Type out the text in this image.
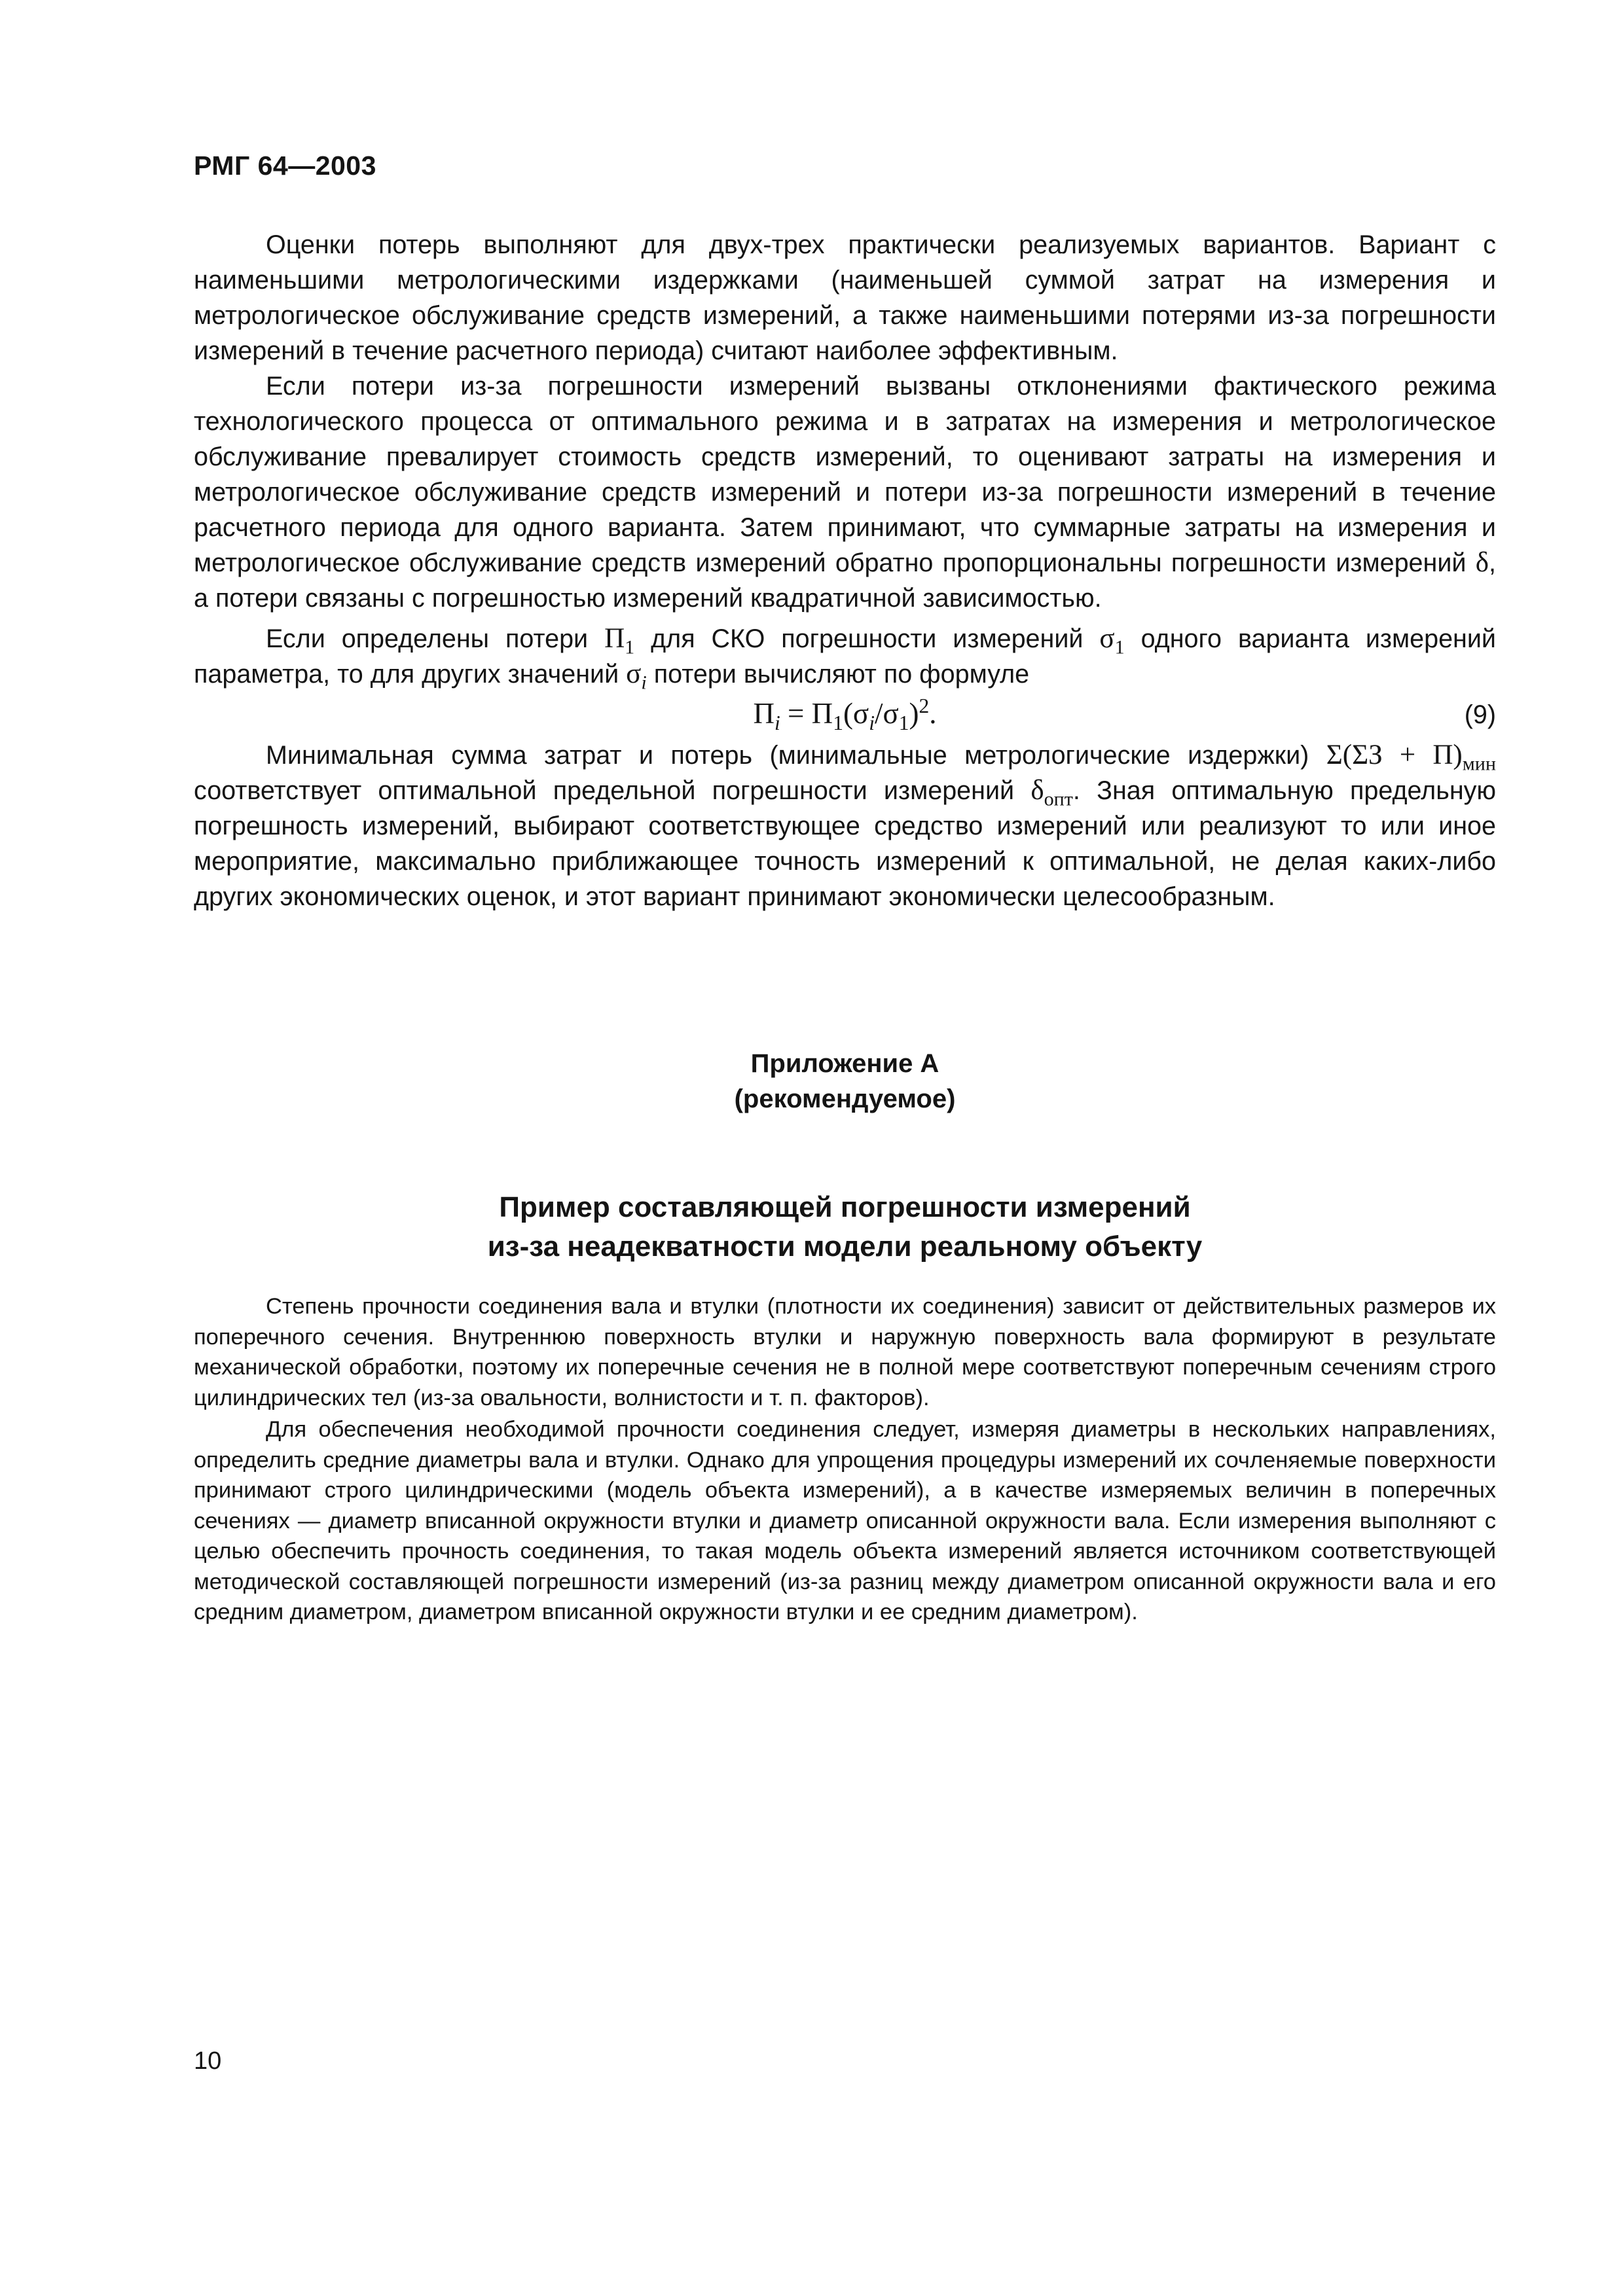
РМГ 64—2003

Оценки потерь выполняют для двух-трех практически реализуемых вариантов. Вариант с наименьшими метрологическими издержками (наименьшей суммой затрат на измерения и метрологическое обслуживание средств измерений, а также наименьшими потерями из-за погрешности измерений в течение расчетного периода) считают наиболее эффективным.

Если потери из-за погрешности измерений вызваны отклонениями фактического режима технологического процесса от оптимального режима и в затратах на измерения и метрологическое обслуживание превалирует стоимость средств измерений, то оценивают затраты на измерения и метрологическое обслуживание средств измерений и потери из-за погрешности измерений в течение расчетного периода для одного варианта. Затем принимают, что суммарные затраты на измерения и метрологическое обслуживание средств измерений обратно пропорциональны погрешности измерений δ, а потери связаны с погрешностью измерений квадратичной зависимостью.

Если определены потери $П_1$ для СКО погрешности измерений $\sigma_1$ одного варианта измерений параметра, то для других значений $\sigma_i$ потери вычисляют по формуле

$П_i = П_1(\sigma_i/\sigma_1)^2$.	(9)

Минимальная сумма затрат и потерь (минимальные метрологические издержки) $\Sigma(\Sigma З + П)_{мин}$ соответствует оптимальной предельной погрешности измерений $\delta_{опт}$. Зная оптимальную предельную погрешность измерений, выбирают соответствующее средство измерений или реализуют то или иное мероприятие, максимально приближающее точность измерений к оптимальной, не делая каких-либо других экономических оценок, и этот вариант принимают экономически целесообразным.

Приложение А
(рекомендуемое)
Пример составляющей погрешности измерений
из-за неадекватности модели реальному объекту

Степень прочности соединения вала и втулки (плотности их соединения) зависит от действительных размеров их поперечного сечения. Внутреннюю поверхность втулки и наружную поверхность вала формируют в результате механической обработки, поэтому их поперечные сечения не в полной мере соответствуют поперечным сечениям строго цилиндрических тел (из-за овальности, волнистости и т. п. факторов).

Для обеспечения необходимой прочности соединения следует, измеряя диаметры в нескольких направлениях, определить средние диаметры вала и втулки. Однако для упрощения процедуры измерений их сочленяемые поверхности принимают строго цилиндрическими (модель объекта измерений), а в качестве измеряемых величин в поперечных сечениях — диаметр вписанной окружности втулки и диаметр описанной окружности вала. Если измерения выполняют с целью обеспечить прочность соединения, то такая модель объекта измерений является источником соответствующей методической составляющей погрешности измерений (из-за разниц между диаметром описанной окружности вала и его средним диаметром, диаметром вписанной окружности втулки и ее средним диаметром).

10
